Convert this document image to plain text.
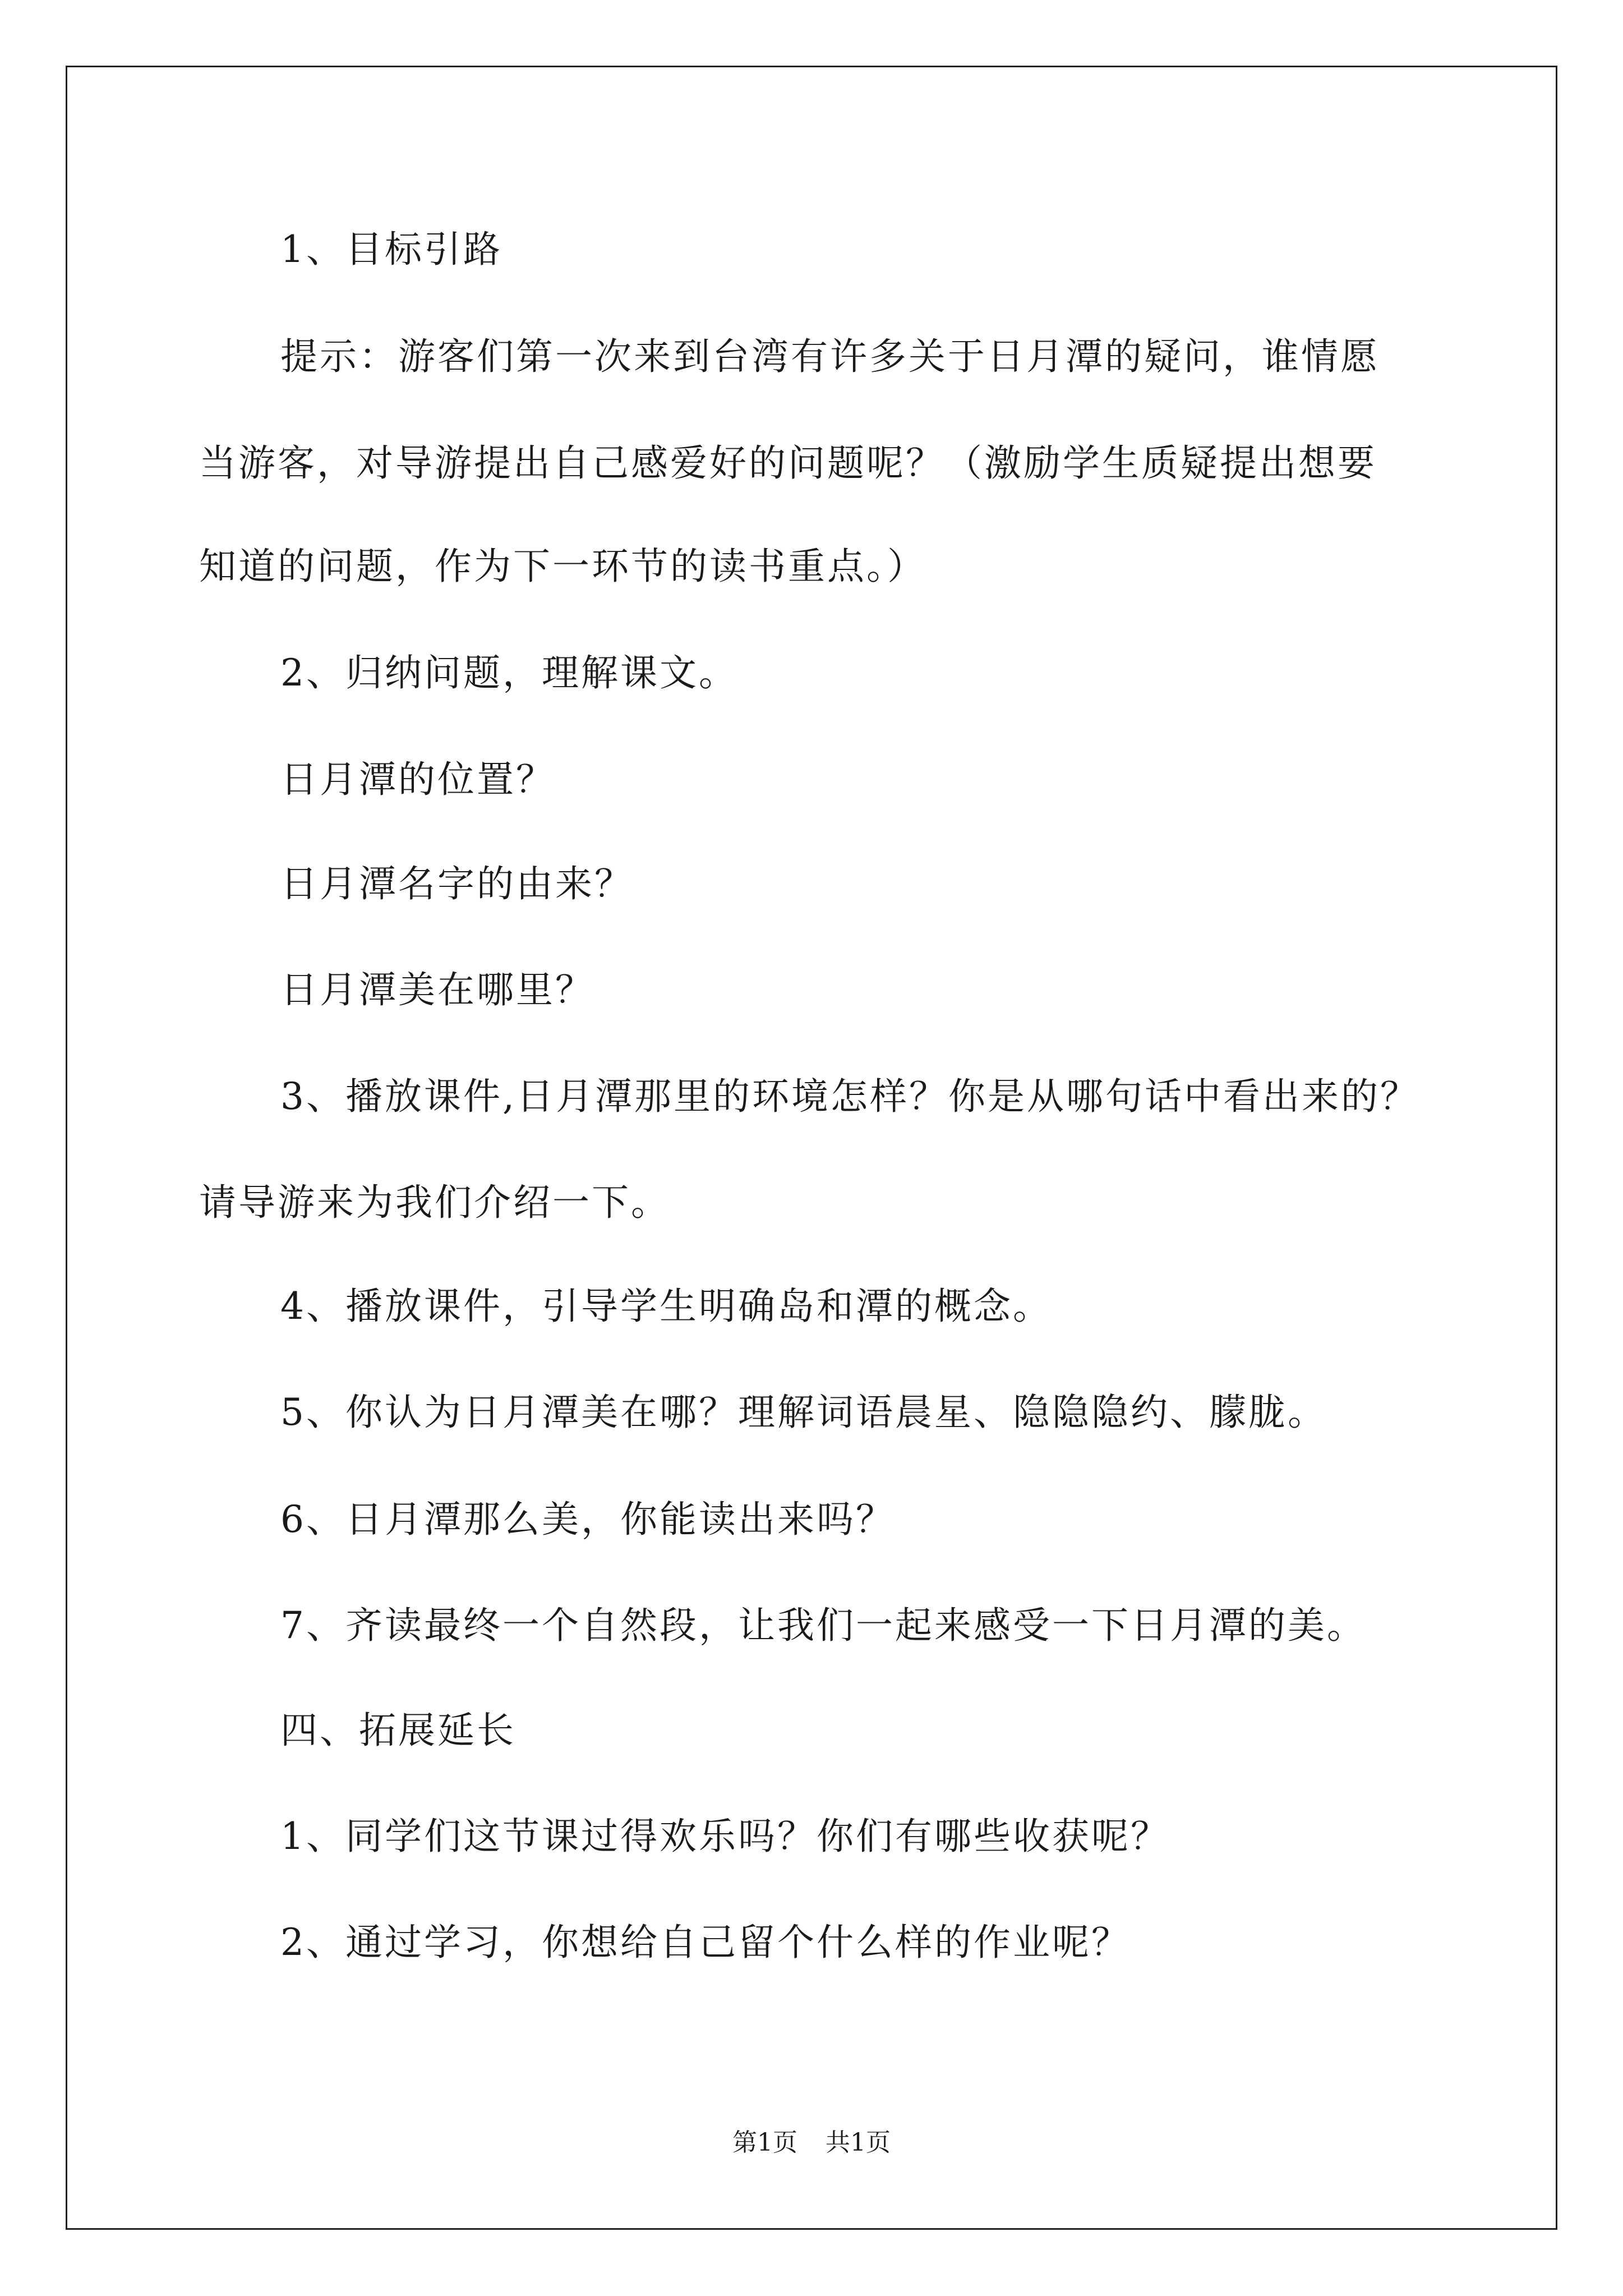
1、目标引路
提示：游客们第一次来到台湾有许多关于日月潭的疑问，谁情愿
当游客，对导游提出自己感爱好的问题呢？（激励学生质疑提出想要
知道的问题，作为下一环节的读书重点。）
2、归纳问题，理解课文。
日月潭的位置？
日月潭名字的由来？
日月潭美在哪里？
3、播放课件,日月潭那里的环境怎样？你是从哪句话中看出来的？
请导游来为我们介绍一下。
4、播放课件，引导学生明确岛和潭的概念。
5、你认为日月潭美在哪？理解词语晨星、隐隐隐约、朦胧。
6、日月潭那么美，你能读出来吗？
7、齐读最终一个自然段，让我们一起来感受一下日月潭的美。
四、拓展延长
1、同学们这节课过得欢乐吗？你们有哪些收获呢？
2、通过学习，你想给自己留个什么样的作业呢？
第1页 共1页
